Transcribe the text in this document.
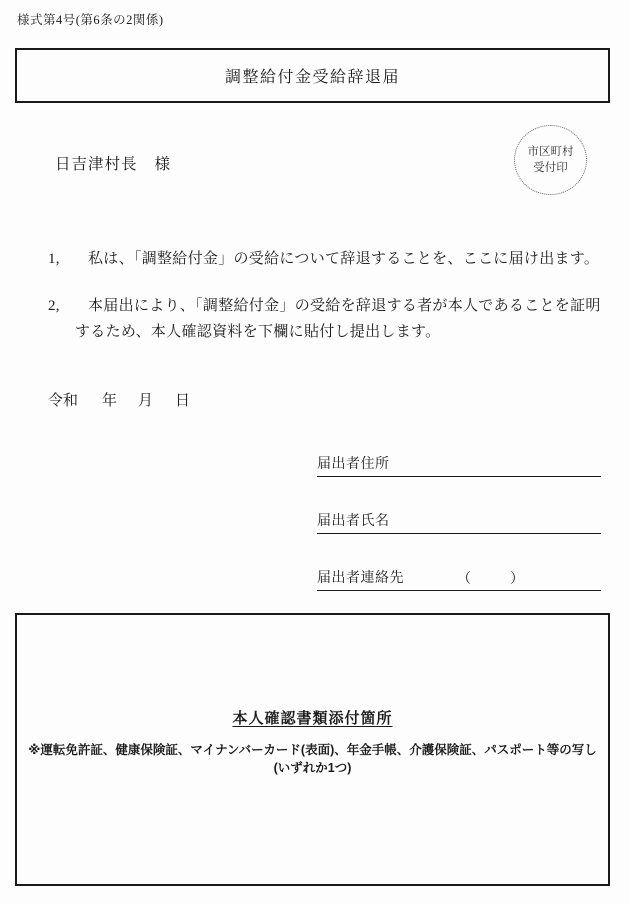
様式第4号(第6条の2関係)
調整給付金受給辞退届
日吉津村長 様
市区町村
受付印
1,	私は、「調整給付金」の受給について辞退することを、ここに届け出ます。
2,	本届出により、「調整給付金」の受給を辞退する者が本人であることを証明するため、本人確認資料を下欄に貼付し提出します。
令和 年 月 日
届出者住所
届出者氏名
届出者連絡先	（	）
本人確認書類添付箇所
※運転免許証、健康保険証、マイナンバーカード(表面)、年金手帳、介護保険証、パスポート等の写し
(いずれか1つ)
